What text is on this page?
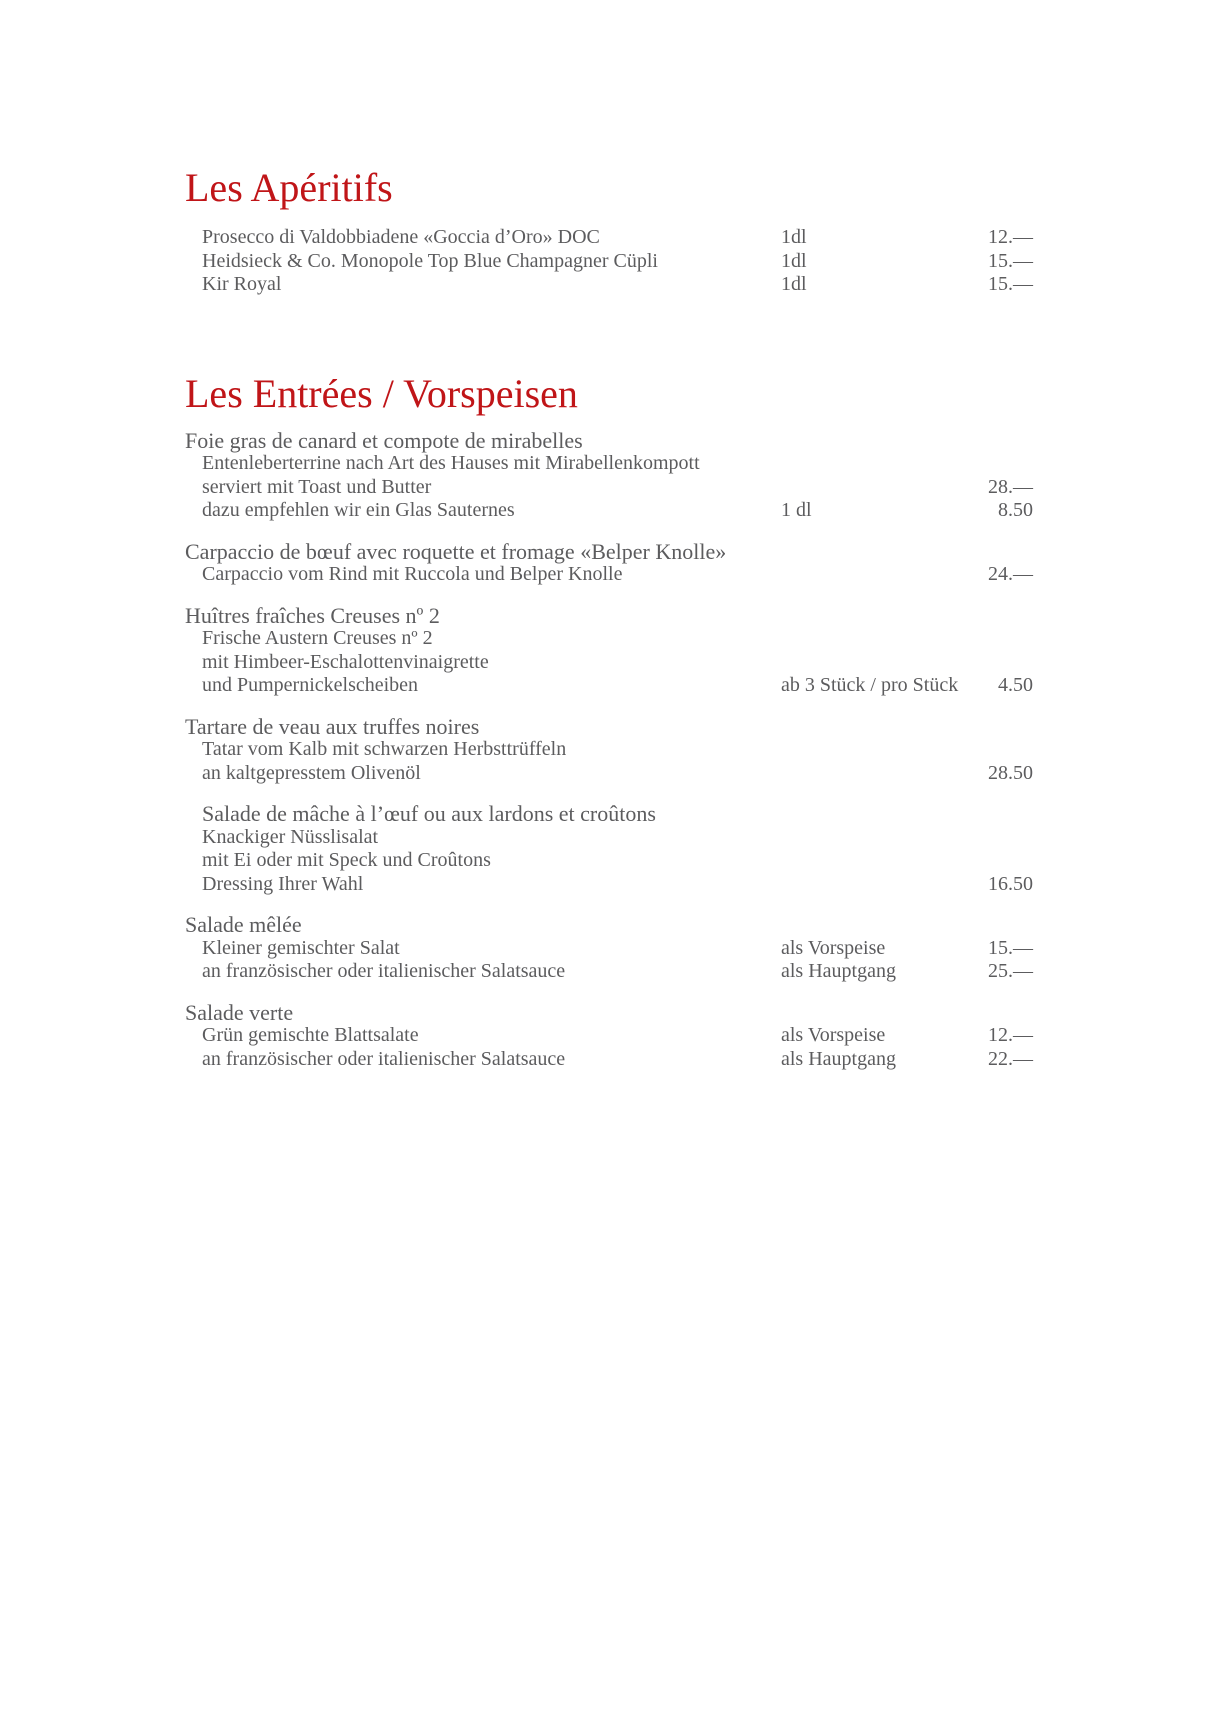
Les Apéritifs
Prosecco di Valdobbiadene «Goccia d’Oro» DOC	1dl	12.—
Heidsieck & Co. Monopole Top Blue Champagner Cüpli	1dl	15.—
Kir Royal	1dl	15.—
Les Entrées / Vorspeisen
Foie gras de canard et compote de mirabelles
Entenleberterrine nach Art des Hauses mit Mirabellenkompott
serviert mit Toast und Butter	28.—
dazu empfehlen wir ein Glas Sauternes	1 dl	8.50
Carpaccio de bœuf avec roquette et fromage «Belper Knolle»
Carpaccio vom Rind mit Ruccola und Belper Knolle	24.—
Huîtres fraîches Creuses nº 2
Frische Austern Creuses nº 2
mit Himbeer-Eschalottenvinaigrette
und Pumpernickelscheiben	ab 3 Stück / pro Stück	4.50
Tartare de veau aux truffes noires
Tatar vom Kalb mit schwarzen Herbsttrüffeln
an kaltgepresstem Olivenöl	28.50
Salade de mâche à l’œuf ou aux lardons et croûtons
Knackiger Nüsslisalat
mit Ei oder mit Speck und Croûtons
Dressing Ihrer Wahl	16.50
Salade mêlée
Kleiner gemischter Salat	als Vorspeise	15.—
an französischer oder italienischer Salatsauce	als Hauptgang	25.—
Salade verte
Grün gemischte Blattsalate	als Vorspeise	12.—
an französischer oder italienischer Salatsauce	als Hauptgang	22.—
